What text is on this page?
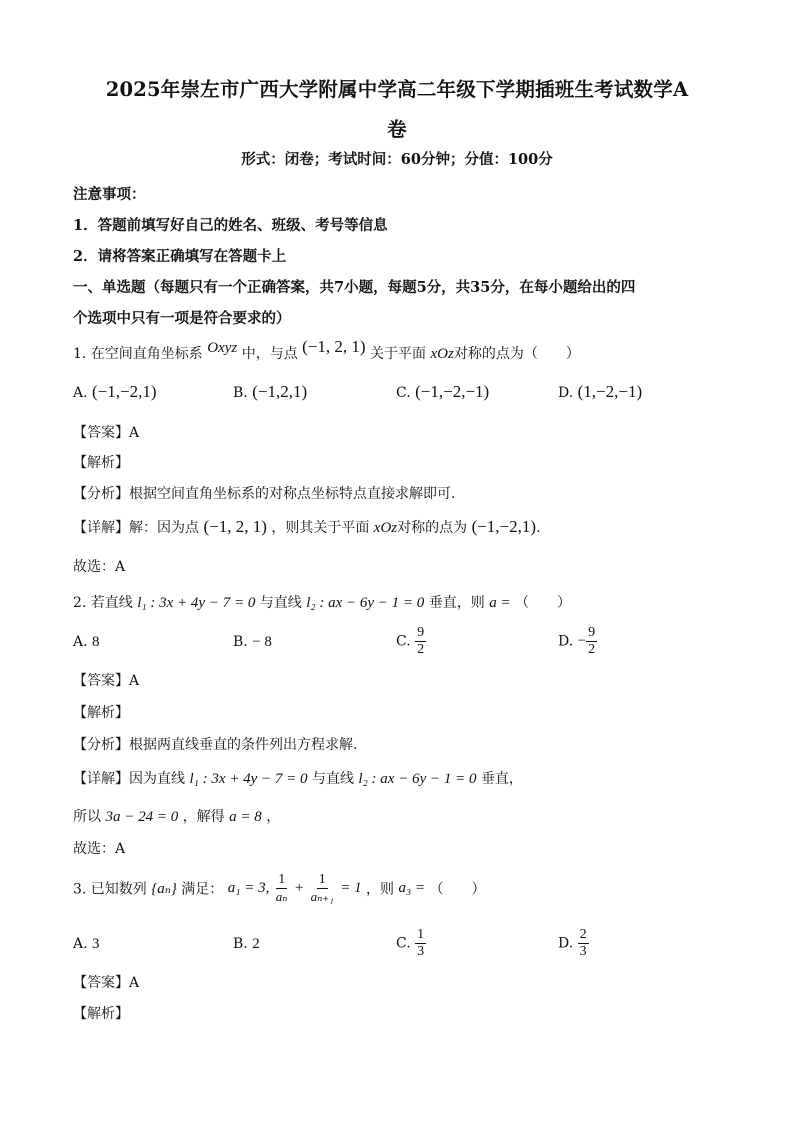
2025年崇左市广西大学附属中学高二年级下学期插班生考试数学A
卷
形式：闭卷；考试时间：60分钟；分值：100分
注意事项：
1．答题前填写好自己的姓名、班级、考号等信息
2．请将答案正确填写在答题卡上
一、单选题（每题只有一个正确答案，共7小题，每题5分，共35分，在每小题给出的四
个选项中只有一项是符合要求的）
1. 在空间直角坐标系 Oxyz 中，与点 (−1, 2, 1) 关于平面 xOz对称的点为（　　）
A. (−1,−2,1)	B. (−1,2,1)	C. (−1,−2,−1)	D. (1,−2,−1)
【答案】A
【解析】
【分析】根据空间直角坐标系的对称点坐标特点直接求解即可.
【详解】解：因为点 (−1, 2, 1) ，则其关于平面 xOz对称的点为 (−1,−2,1).
故选：A
2. 若直线 l₁ : 3x + 4y − 7 = 0 与直线 l₂ : ax − 6y − 1 = 0 垂直，则 a = （　　）
A. 8	B. − 8	C. $\frac{9}{2}$	D. − $\frac{9}{2}$
【答案】A
【解析】
【分析】根据两直线垂直的条件列出方程求解.
【详解】因为直线 l₁ : 3x + 4y − 7 = 0 与直线 l₂ : ax − 6y − 1 = 0 垂直，
所以 3a − 24 = 0 ，解得 a = 8 ，
故选：A
3. 已知数列 {aₙ} 满足： a₁ = 3, $\frac{1}{\text{aₙ}} + \frac{1}{\text{aₙ₊₁}} = 1$ ，则 a₃ = （　　）
A. 3	B. 2	C. $\frac{1}{3}$	D. $\frac{2}{3}$
【答案】A
【解析】
